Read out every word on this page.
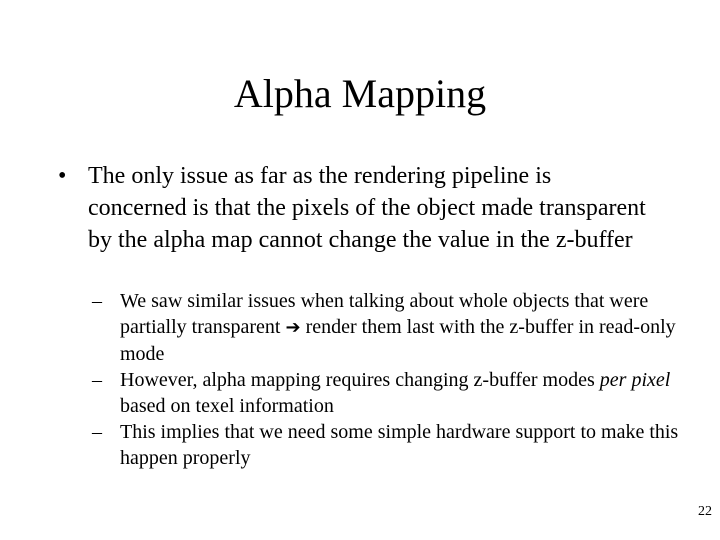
Alpha Mapping
• The only issue as far as the rendering pipeline is concerned is that the pixels of the object made transparent by the alpha map cannot change the value in the z-buffer
– We saw similar issues when talking about whole objects that were partially transparent ➔ render them last with the z-buffer in read-only mode
– However, alpha mapping requires changing z-buffer modes per pixel based on texel information
– This implies that we need some simple hardware support to make this happen properly
22
